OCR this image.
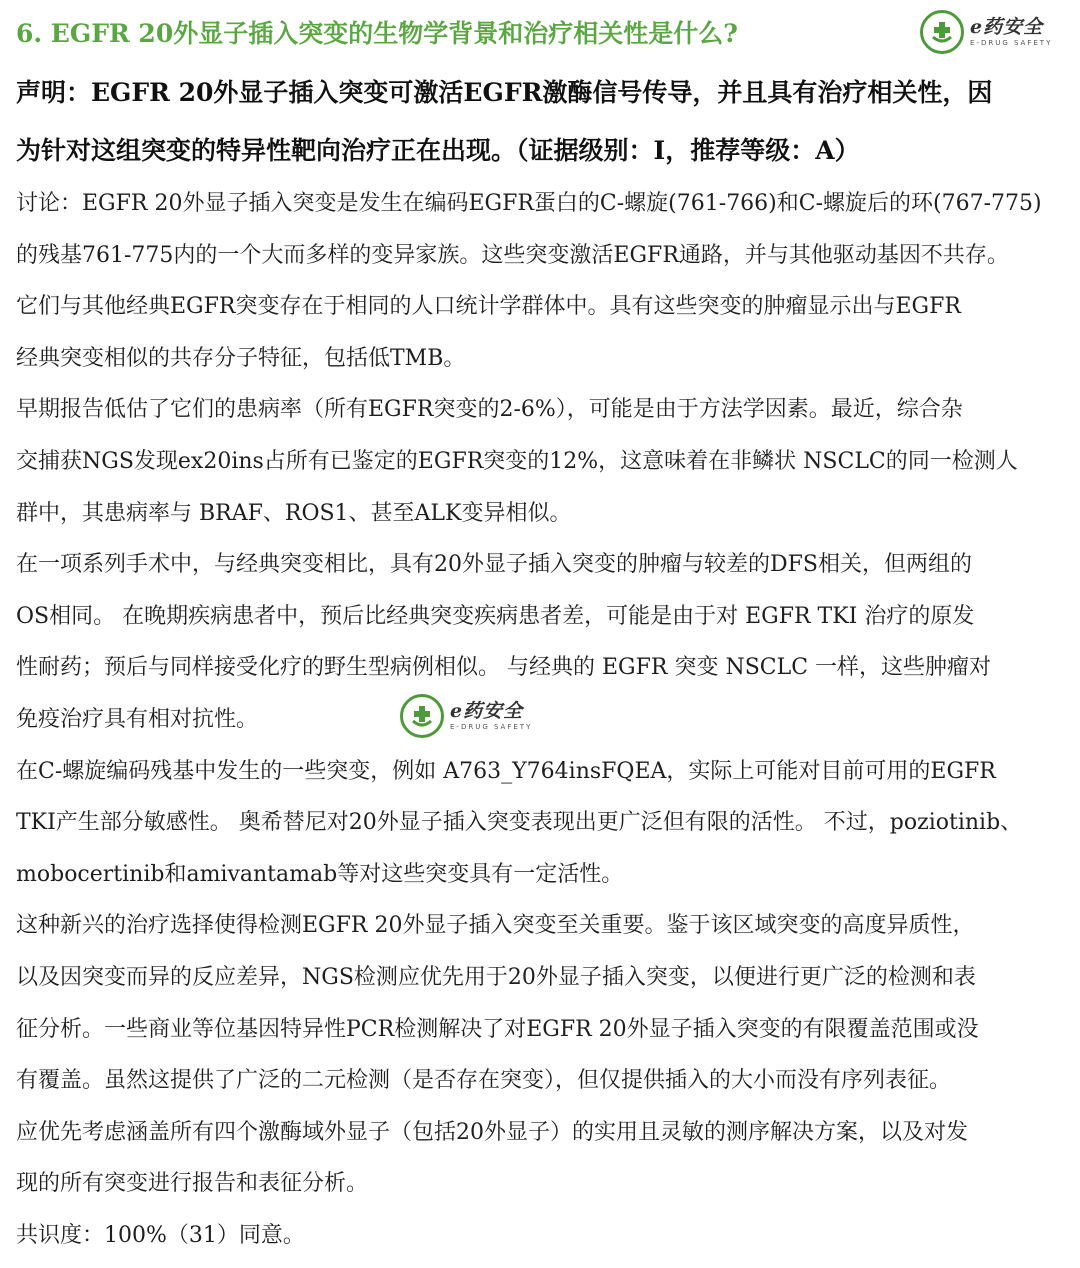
6. EGFR 20外显子插入突变的生物学背景和治疗相关性是什么?
声明：EGFR 20外显子插入突变可激活EGFR激酶信号传导，并且具有治疗相关性，因
为针对这组突变的特异性靶向治疗正在出现。（证据级别：I，推荐等级：A）
讨论：EGFR 20外显子插入突变是发生在编码EGFR蛋白的C-螺旋(761-766)和C-螺旋后的环(767-775)
的残基761-775内的一个大而多样的变异家族。这些突变激活EGFR通路，并与其他驱动基因不共存。
它们与其他经典EGFR突变存在于相同的人口统计学群体中。具有这些突变的肿瘤显示出与EGFR
经典突变相似的共存分子特征，包括低TMB。
早期报告低估了它们的患病率（所有EGFR突变的2-6%），可能是由于方法学因素。最近，综合杂
交捕获NGS发现ex20ins占所有已鉴定的EGFR突变的12%，这意味着在非鳞状 NSCLC的同一检测人
群中，其患病率与 BRAF、ROS1、甚至ALK变异相似。
在一项系列手术中，与经典突变相比，具有20外显子插入突变的肿瘤与较差的DFS相关，但两组的
OS相同。 在晚期疾病患者中，预后比经典突变疾病患者差，可能是由于对 EGFR TKI 治疗的原发
性耐药；预后与同样接受化疗的野生型病例相似。 与经典的 EGFR 突变 NSCLC 一样，这些肿瘤对
免疫治疗具有相对抗性。
在C-螺旋编码残基中发生的一些突变，例如 A763_Y764insFQEA，实际上可能对目前可用的EGFR
TKI产生部分敏感性。 奥希替尼对20外显子插入突变表现出更广泛但有限的活性。 不过，poziotinib、
mobocertinib和amivantamab等对这些突变具有一定活性。
这种新兴的治疗选择使得检测EGFR 20外显子插入突变至关重要。鉴于该区域突变的高度异质性，
以及因突变而异的反应差异，NGS检测应优先用于20外显子插入突变，以便进行更广泛的检测和表
征分析。一些商业等位基因特异性PCR检测解决了对EGFR 20外显子插入突变的有限覆盖范围或没
有覆盖。虽然这提供了广泛的二元检测（是否存在突变），但仅提供插入的大小而没有序列表征。
应优先考虑涵盖所有四个激酶域外显子（包括20外显子）的实用且灵敏的测序解决方案，以及对发
现的所有突变进行报告和表征分析。
共识度：100%（31）同意。
e药安全
E-DRUG SAFETY
e药安全
E-DRUG SAFETY
